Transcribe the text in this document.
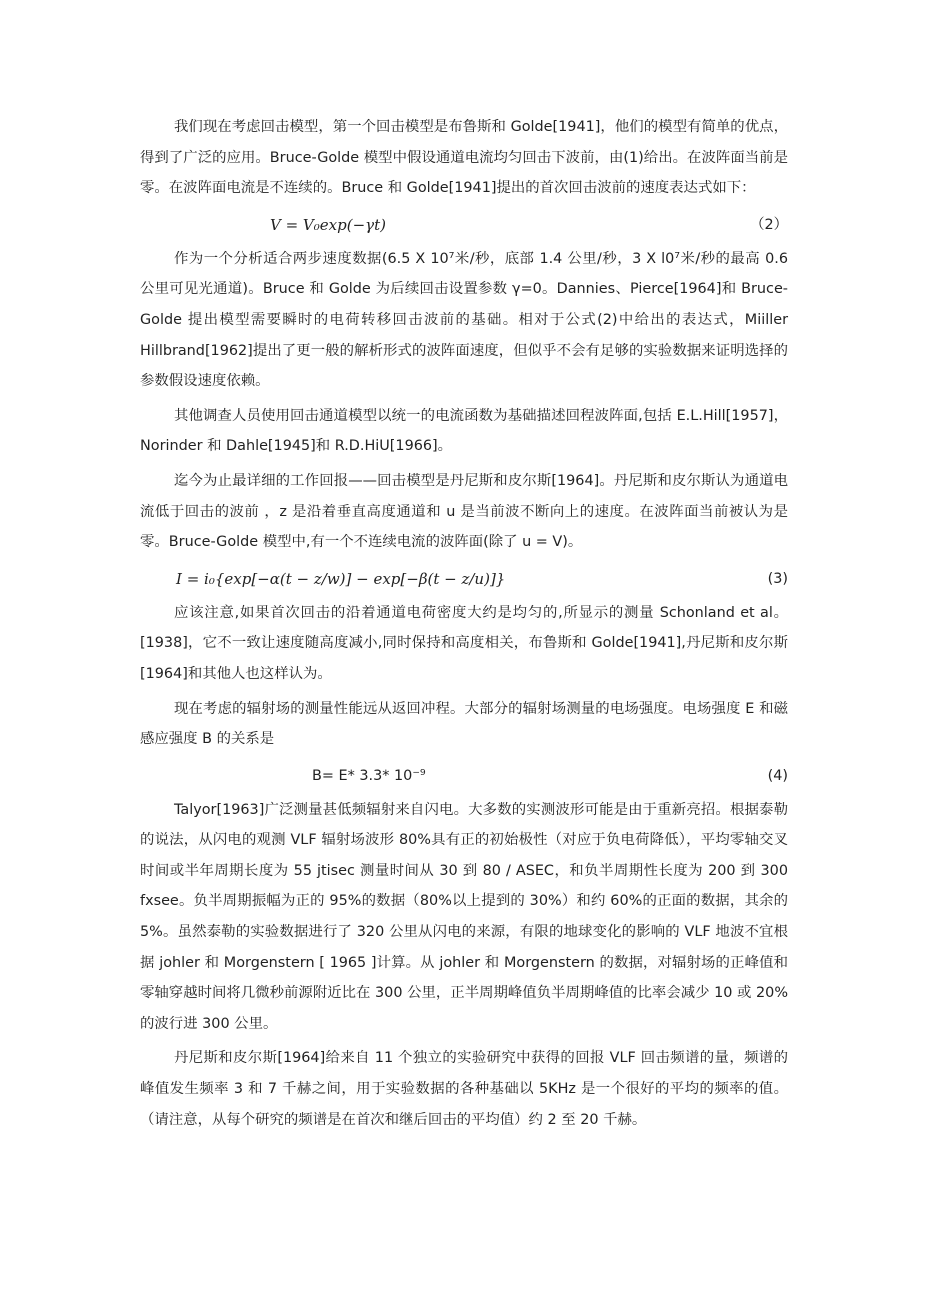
我们现在考虑回击模型，第一个回击模型是布鲁斯和 Golde[1941]，他们的模型有简单的优点，得到了广泛的应用。Bruce-Golde 模型中假设通道电流均匀回击下波前，由(1)给出。在波阵面当前是零。在波阵面电流是不连续的。Bruce 和 Golde[1941]提出的首次回击波前的速度表达式如下：

V = V₀exp(−γt)	（2）

作为一个分析适合两步速度数据(6.5 X 10⁷米/秒，底部 1.4 公里/秒，3 X l0⁷米/秒的最高 0.6 公里可见光通道)。Bruce 和 Golde 为后续回击设置参数 γ=0。Dannies、Pierce[1964]和 Bruce-Golde 提出模型需要瞬时的电荷转移回击波前的基础。相对于公式(2)中给出的表达式，Miiller Hillbrand[1962]提出了更一般的解析形式的波阵面速度，但似乎不会有足够的实验数据来证明选择的参数假设速度依赖。

其他调查人员使用回击通道模型以统一的电流函数为基础描述回程波阵面,包括 E.L.Hill[1957]，Norinder 和 Dahle[1945]和 R.D.HiU[1966]。

迄今为止最详细的工作回报——回击模型是丹尼斯和皮尔斯[1964]。丹尼斯和皮尔斯认为通道电流低于回击的波前 ，z 是沿着垂直高度通道和 u 是当前波不断向上的速度。在波阵面当前被认为是零。Bruce-Golde 模型中,有一个不连续电流的波阵面(除了 u = V)。

I = i₀{exp[−α(t − z/w)] − exp[−β(t − z/u)]}	(3)

应该注意,如果首次回击的沿着通道电荷密度大约是均匀的,所显示的测量 Schonland et al。[1938]，它不一致让速度随高度减小,同时保持和高度相关，布鲁斯和 Golde[1941],丹尼斯和皮尔斯[1964]和其他人也这样认为。

现在考虑的辐射场的测量性能远从返回冲程。大部分的辐射场测量的电场强度。电场强度 E 和磁感应强度 B 的关系是

B= E* 3.3* 10⁻⁹	(4)

Talyor[1963]广泛测量甚低频辐射来自闪电。大多数的实测波形可能是由于重新亮招。根据泰勒的说法，从闪电的观测 VLF 辐射场波形 80%具有正的初始极性（对应于负电荷降低），平均零轴交叉时间或半年周期长度为 55 jtisec 测量时间从 30 到 80 / ASEC，和负半周期性长度为 200 到 300 fxsee。负半周期振幅为正的 95%的数据（80%以上提到的 30%）和约 60%的正面的数据，其余的 5%。虽然泰勒的实验数据进行了 320 公里从闪电的来源，有限的地球变化的影响的 VLF 地波不宜根据 johler 和 Morgenstern [ 1965 ]计算。从 johler 和 Morgenstern 的数据，对辐射场的正峰值和零轴穿越时间将几微秒前源附近比在 300 公里，正半周期峰值负半周期峰值的比率会减少 10 或 20%的波行进 300 公里。

丹尼斯和皮尔斯[1964]给来自 11 个独立的实验研究中获得的回报 VLF 回击频谱的量，频谱的峰值发生频率 3 和 7 千赫之间，用于实验数据的各种基础以 5KHz 是一个很好的平均的频率的值。（请注意，从每个研究的频谱是在首次和继后回击的平均值）约 2 至 20 千赫。
